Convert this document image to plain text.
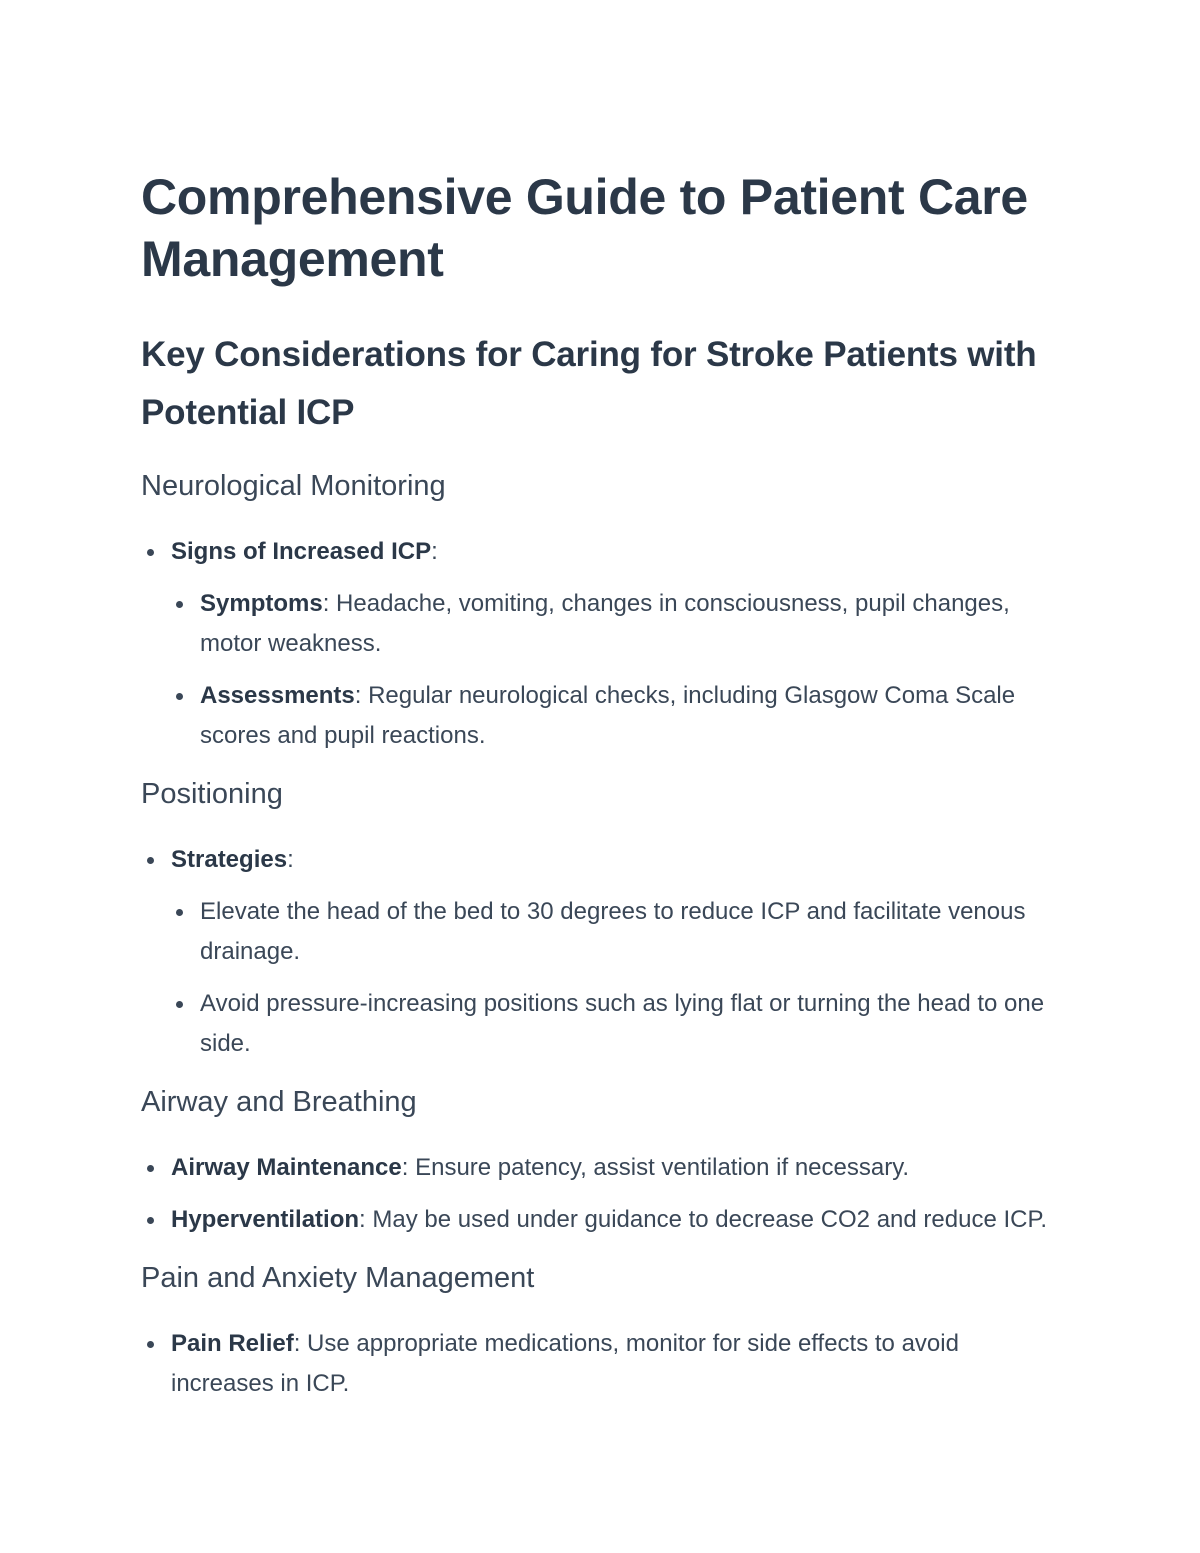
Comprehensive Guide to Patient Care Management
Key Considerations for Caring for Stroke Patients with Potential ICP
Neurological Monitoring
Signs of Increased ICP:
Symptoms: Headache, vomiting, changes in consciousness, pupil changes, motor weakness.
Assessments: Regular neurological checks, including Glasgow Coma Scale scores and pupil reactions.
Positioning
Strategies:
Elevate the head of the bed to 30 degrees to reduce ICP and facilitate venous drainage.
Avoid pressure-increasing positions such as lying flat or turning the head to one side.
Airway and Breathing
Airway Maintenance: Ensure patency, assist ventilation if necessary.
Hyperventilation: May be used under guidance to decrease CO2 and reduce ICP.
Pain and Anxiety Management
Pain Relief: Use appropriate medications, monitor for side effects to avoid increases in ICP.
